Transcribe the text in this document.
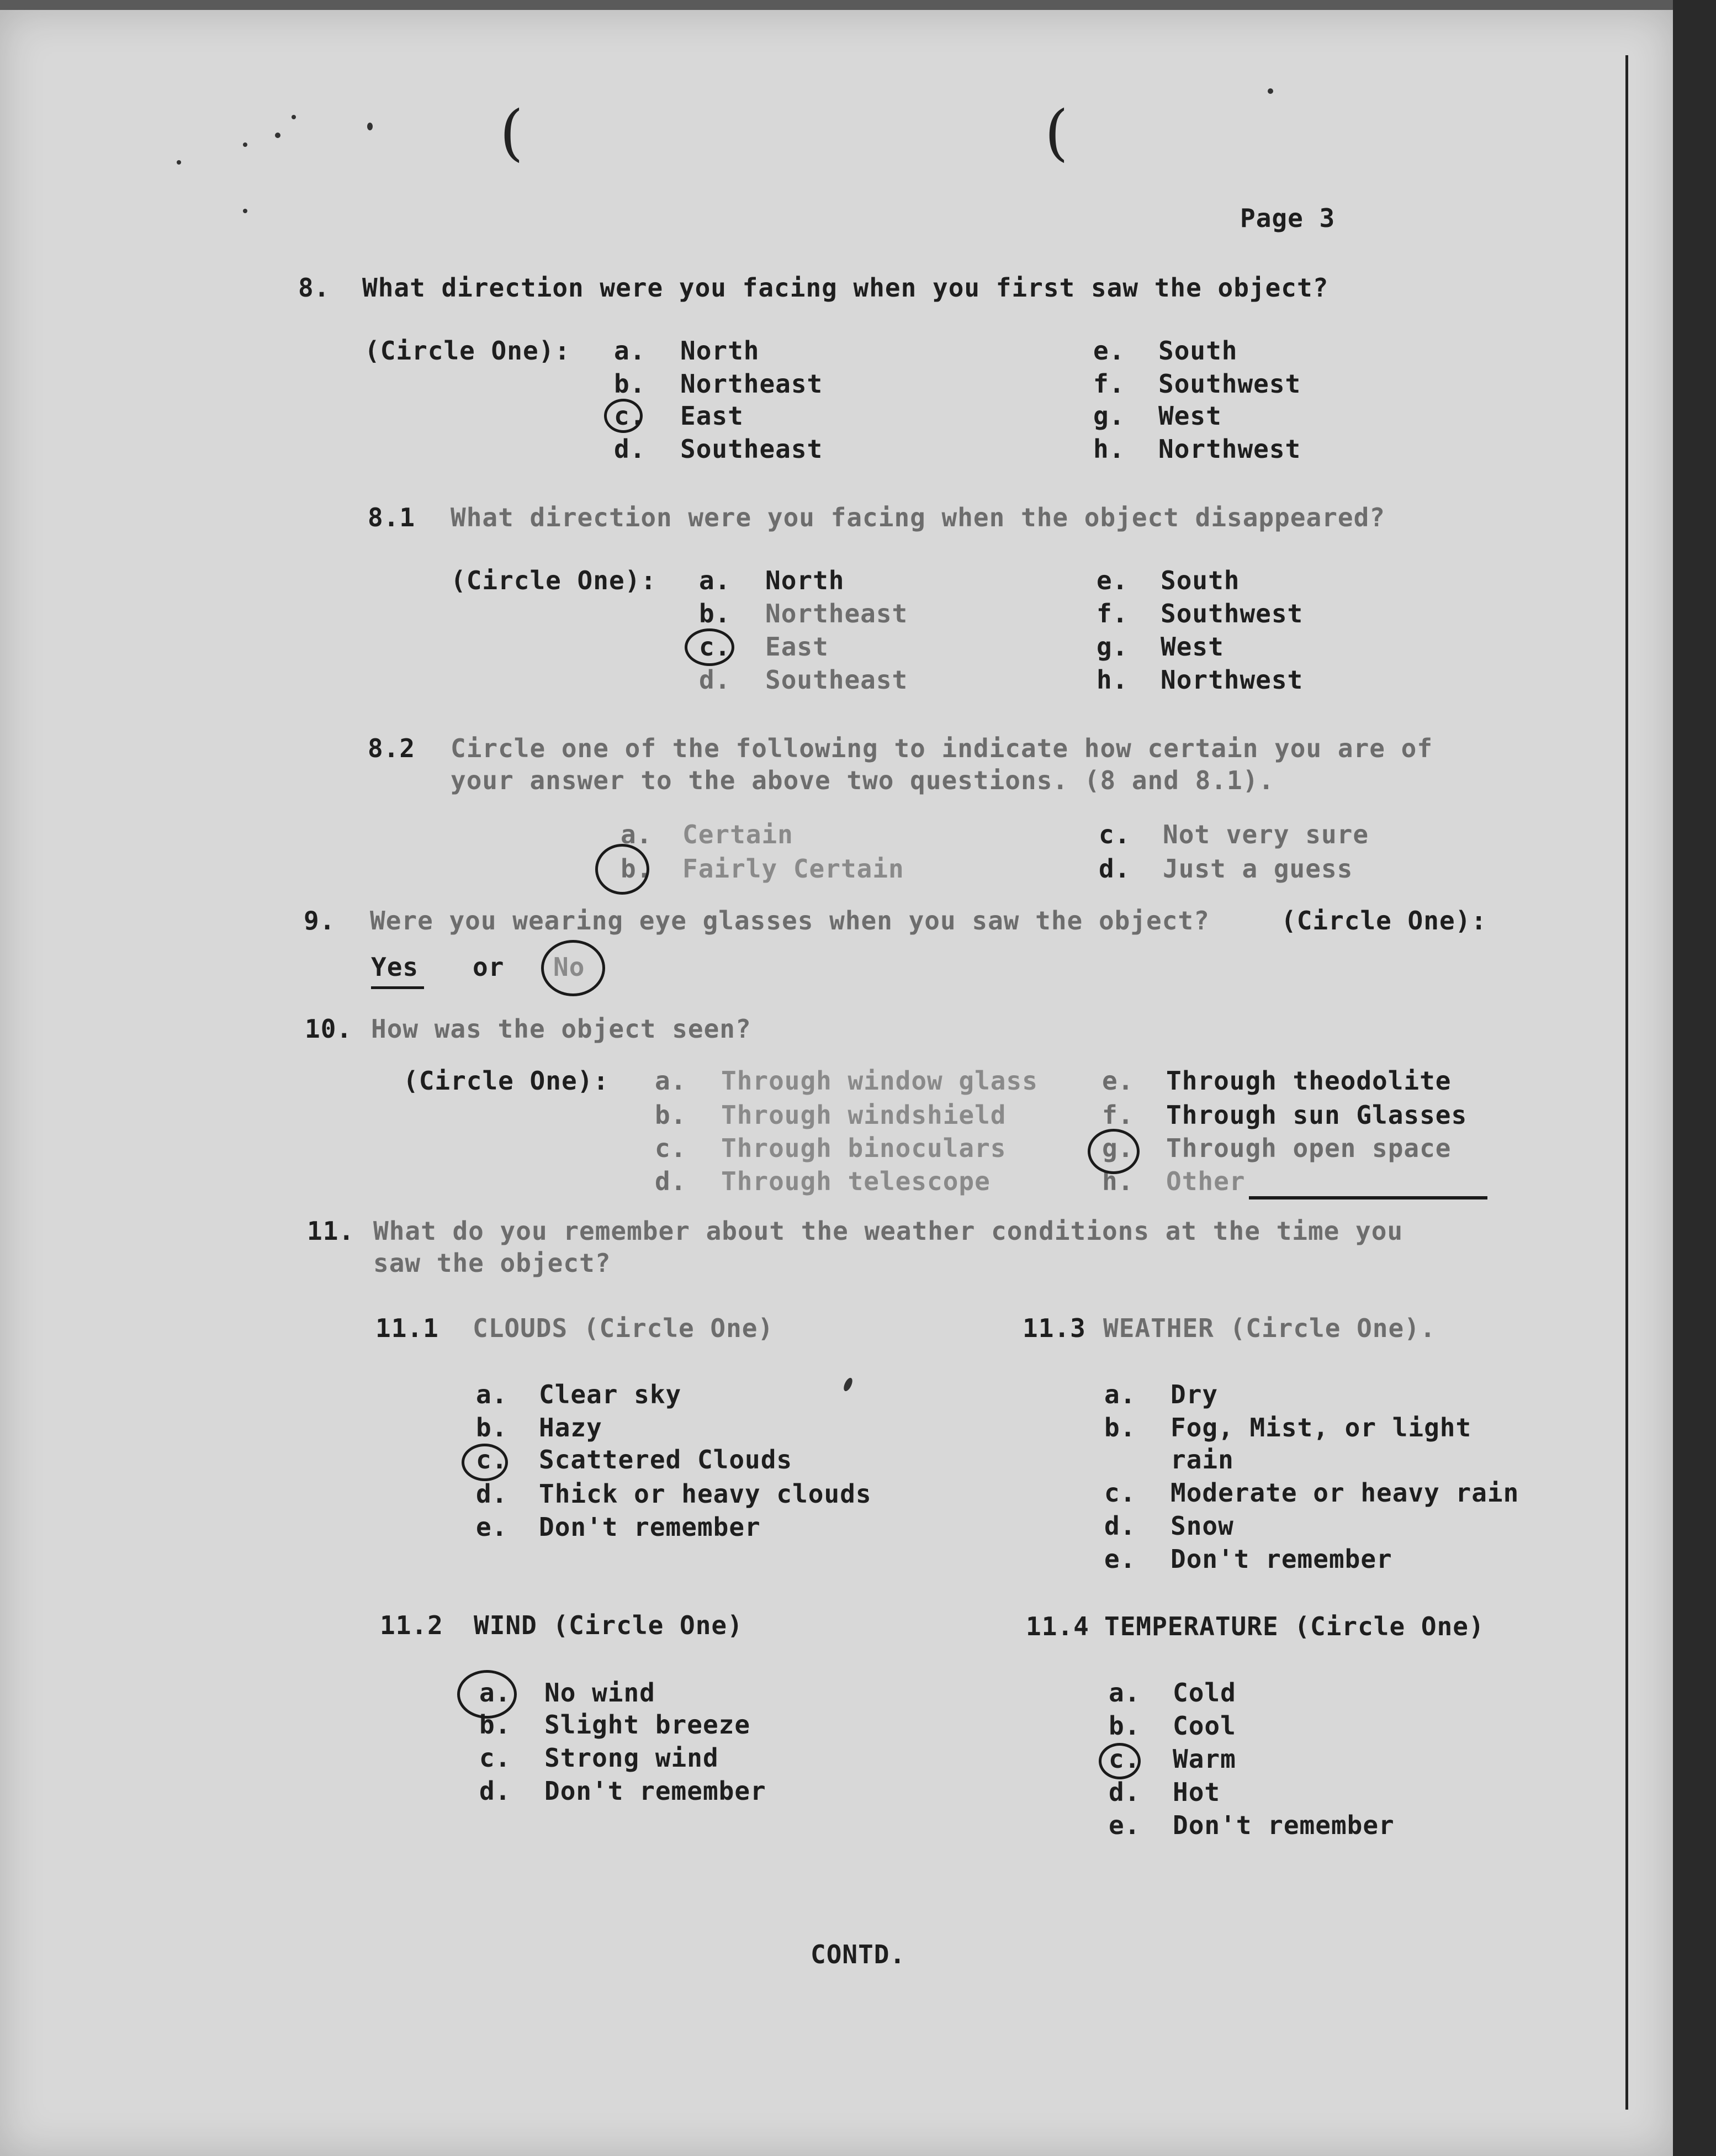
(	(
Page 3
8. What direction were you facing when you first saw the object?
(Circle One): a. North
b. Northeast
c. East
d. Southeast
e. South
f. Southwest
g. West
h. Northwest
8.1 What direction were you facing when the object disappeared?
(Circle One): a. North
b. Northeast
c. East
d. Southeast
e. South
f. Southwest
g. West
h. Northwest
8.2 Circle one of the following to indicate how certain you are of
your answer to the above two questions. (8 and 8.1).
a. Certain
b. Fairly Certain
c. Not very sure
d. Just a guess
9. Were you wearing eye glasses when you saw the object?	(Circle One):
Yes or No
10. How was the object seen?
(Circle One): a. Through window glass
b. Through windshield
c. Through binoculars
d. Through telescope
e. Through theodolite
f. Through sun Glasses
g. Through open space
h. Other
11. What do you remember about the weather conditions at the time you
saw the object?
11.1 CLOUDS (Circle One)
a. Clear sky
b. Hazy
c. Scattered Clouds
d. Thick or heavy clouds
e. Don't remember
11.2 WIND (Circle One)
a. No wind
b. Slight breeze
c. Strong wind
d. Don't remember
11.3 WEATHER (Circle One).
a. Dry
b. Fog, Mist, or light
rain
c. Moderate or heavy rain
d. Snow
e. Don't remember
11.4 TEMPERATURE (Circle One)
a. Cold
b. Cool
c. Warm
d. Hot
e. Don't remember
CONTD.
